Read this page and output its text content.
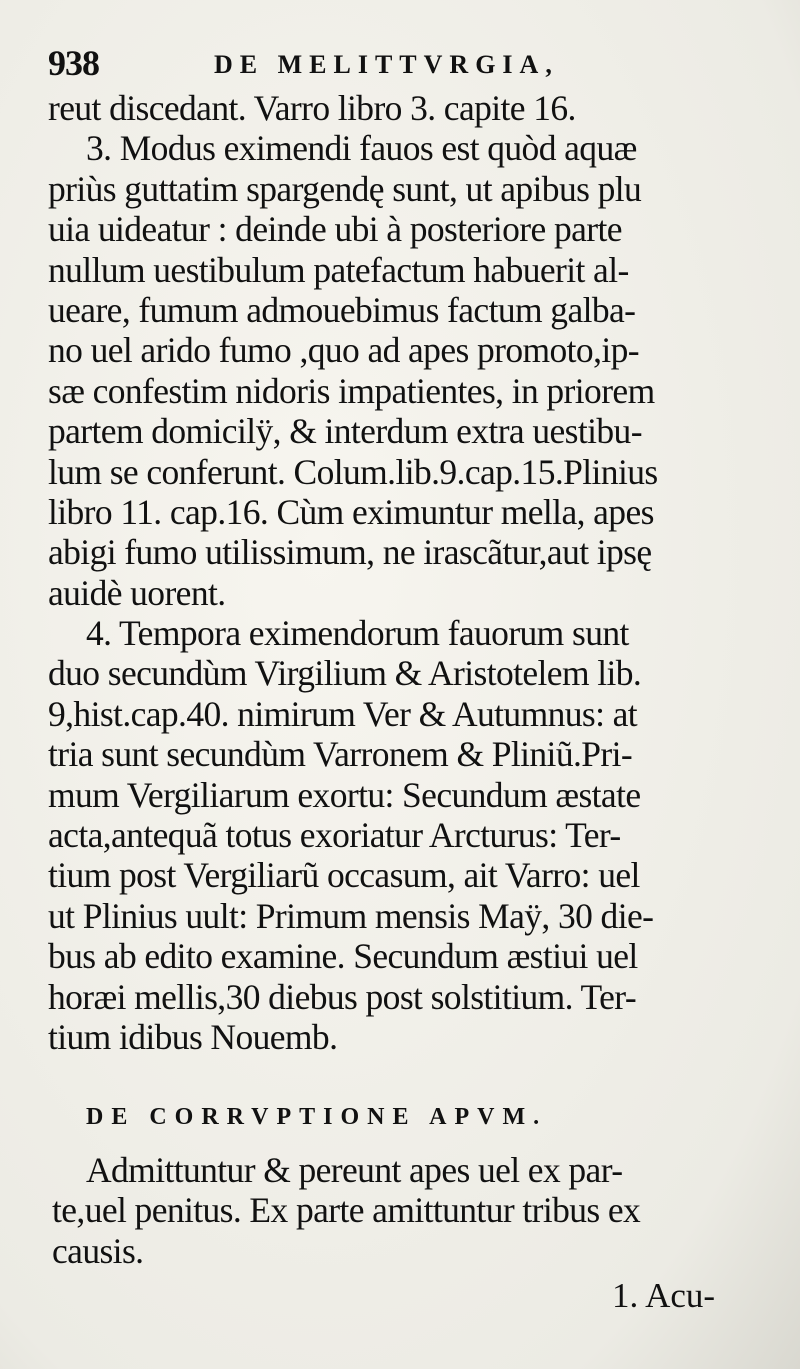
938	DE MELITTVRGIA,
reut discedant. Varro libro 3. capite 16.
3. Modus eximendi fauos est quòd aquæ
priùs guttatim spargendę sunt, ut apibus plu
uia uideatur : deinde ubi à posteriore parte
nullum uestibulum patefactum habuerit al-
ueare, fumum admouebimus factum galba-
no uel arido fumo ,quo ad apes promoto,ip-
sæ confestim nidoris impatientes, in priorem
partem domicilÿ, & interdum extra uestibu-
lum se conferunt. Colum.lib.9.cap.15.Plinius
libro 11. cap.16. Cùm eximuntur mella, apes
abigi fumo utilissimum, ne irascãtur,aut ipsę
auidè uorent.
4. Tempora eximendorum fauorum sunt
duo secundùm Virgilium & Aristotelem lib.
9,hist.cap.40. nimirum Ver & Autumnus: at
tria sunt secundùm Varronem & Pliniũ.Pri-
mum Vergiliarum exortu: Secundum æstate
acta,antequã totus exoriatur Arcturus: Ter-
tium post Vergiliarũ occasum, ait Varro: uel
ut Plinius uult: Primum mensis Maÿ, 30 die-
bus ab edito examine. Secundum æstiui uel
horæi mellis,30 diebus post solstitium. Ter-
tium idibus Nouemb.
DE CORRVPTIONE APVM.
Admittuntur & pereunt apes uel ex par-
te,uel penitus. Ex parte amittuntur tribus ex
causis.
1. Acu-
